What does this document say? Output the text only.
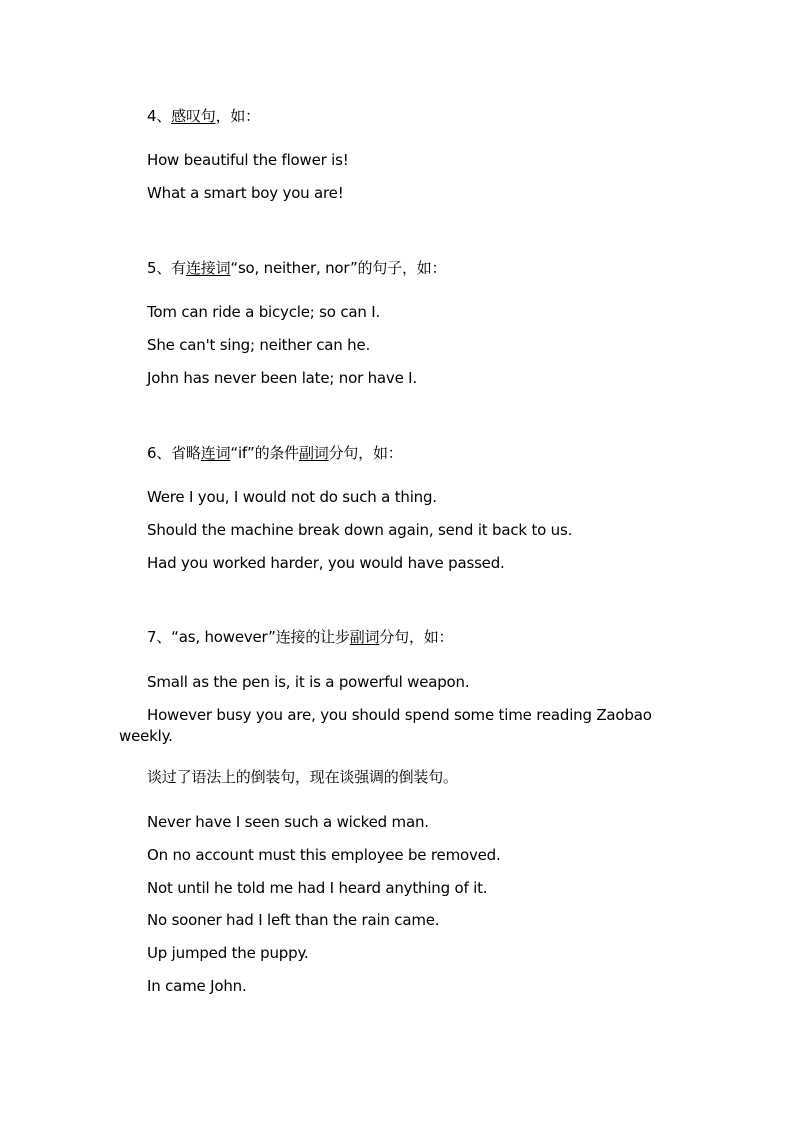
4、感叹句，如：
How beautiful the flower is!
What a smart boy you are!
5、有连接词“so, neither, nor”的句子，如：
Tom can ride a bicycle; so can I.
She can't sing; neither can he.
John has never been late; nor have I.
6、省略连词“if”的条件副词分句，如：
Were I you, I would not do such a thing.
Should the machine break down again, send it back to us.
Had you worked harder, you would have passed.
7、“as, however”连接的让步副词分句，如：
Small as the pen is, it is a powerful weapon.
However busy you are, you should spend some time reading Zaobao
weekly.
谈过了语法上的倒装句，现在谈强调的倒装句。
Never have I seen such a wicked man.
On no account must this employee be removed.
Not until he told me had I heard anything of it.
No sooner had I left than the rain came.
Up jumped the puppy.
In came John.
